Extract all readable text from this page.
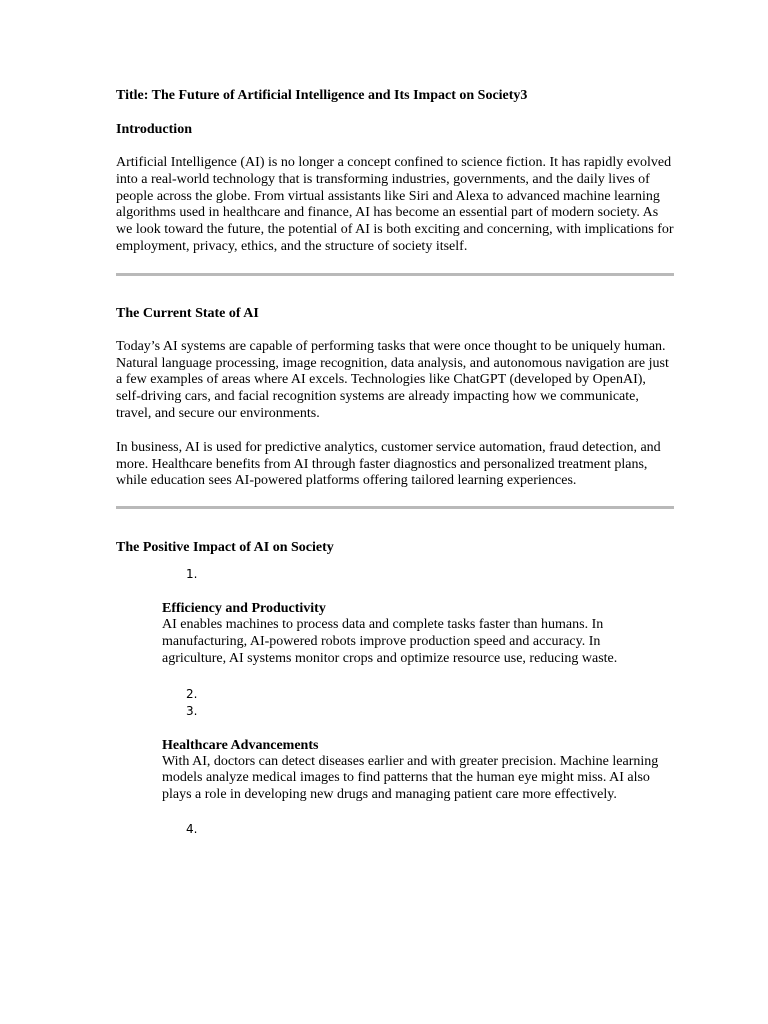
Title: The Future of Artificial Intelligence and Its Impact on Society3

Introduction

Artificial Intelligence (AI) is no longer a concept confined to science fiction. It has rapidly evolved into a real-world technology that is transforming industries, governments, and the daily lives of people across the globe. From virtual assistants like Siri and Alexa to advanced machine learning algorithms used in healthcare and finance, AI has become an essential part of modern society. As we look toward the future, the potential of AI is both exciting and concerning, with implications for employment, privacy, ethics, and the structure of society itself.

The Current State of AI

Today’s AI systems are capable of performing tasks that were once thought to be uniquely human. Natural language processing, image recognition, data analysis, and autonomous navigation are just a few examples of areas where AI excels. Technologies like ChatGPT (developed by OpenAI), self-driving cars, and facial recognition systems are already impacting how we communicate, travel, and secure our environments.

In business, AI is used for predictive analytics, customer service automation, fraud detection, and more. Healthcare benefits from AI through faster diagnostics and personalized treatment plans, while education sees AI-powered platforms offering tailored learning experiences.

The Positive Impact of AI on Society

1.

Efficiency and Productivity

AI enables machines to process data and complete tasks faster than humans. In manufacturing, AI-powered robots improve production speed and accuracy. In agriculture, AI systems monitor crops and optimize resource use, reducing waste.

2.
3.

Healthcare Advancements

With AI, doctors can detect diseases earlier and with greater precision. Machine learning models analyze medical images to find patterns that the human eye might miss. AI also plays a role in developing new drugs and managing patient care more effectively.

4.
